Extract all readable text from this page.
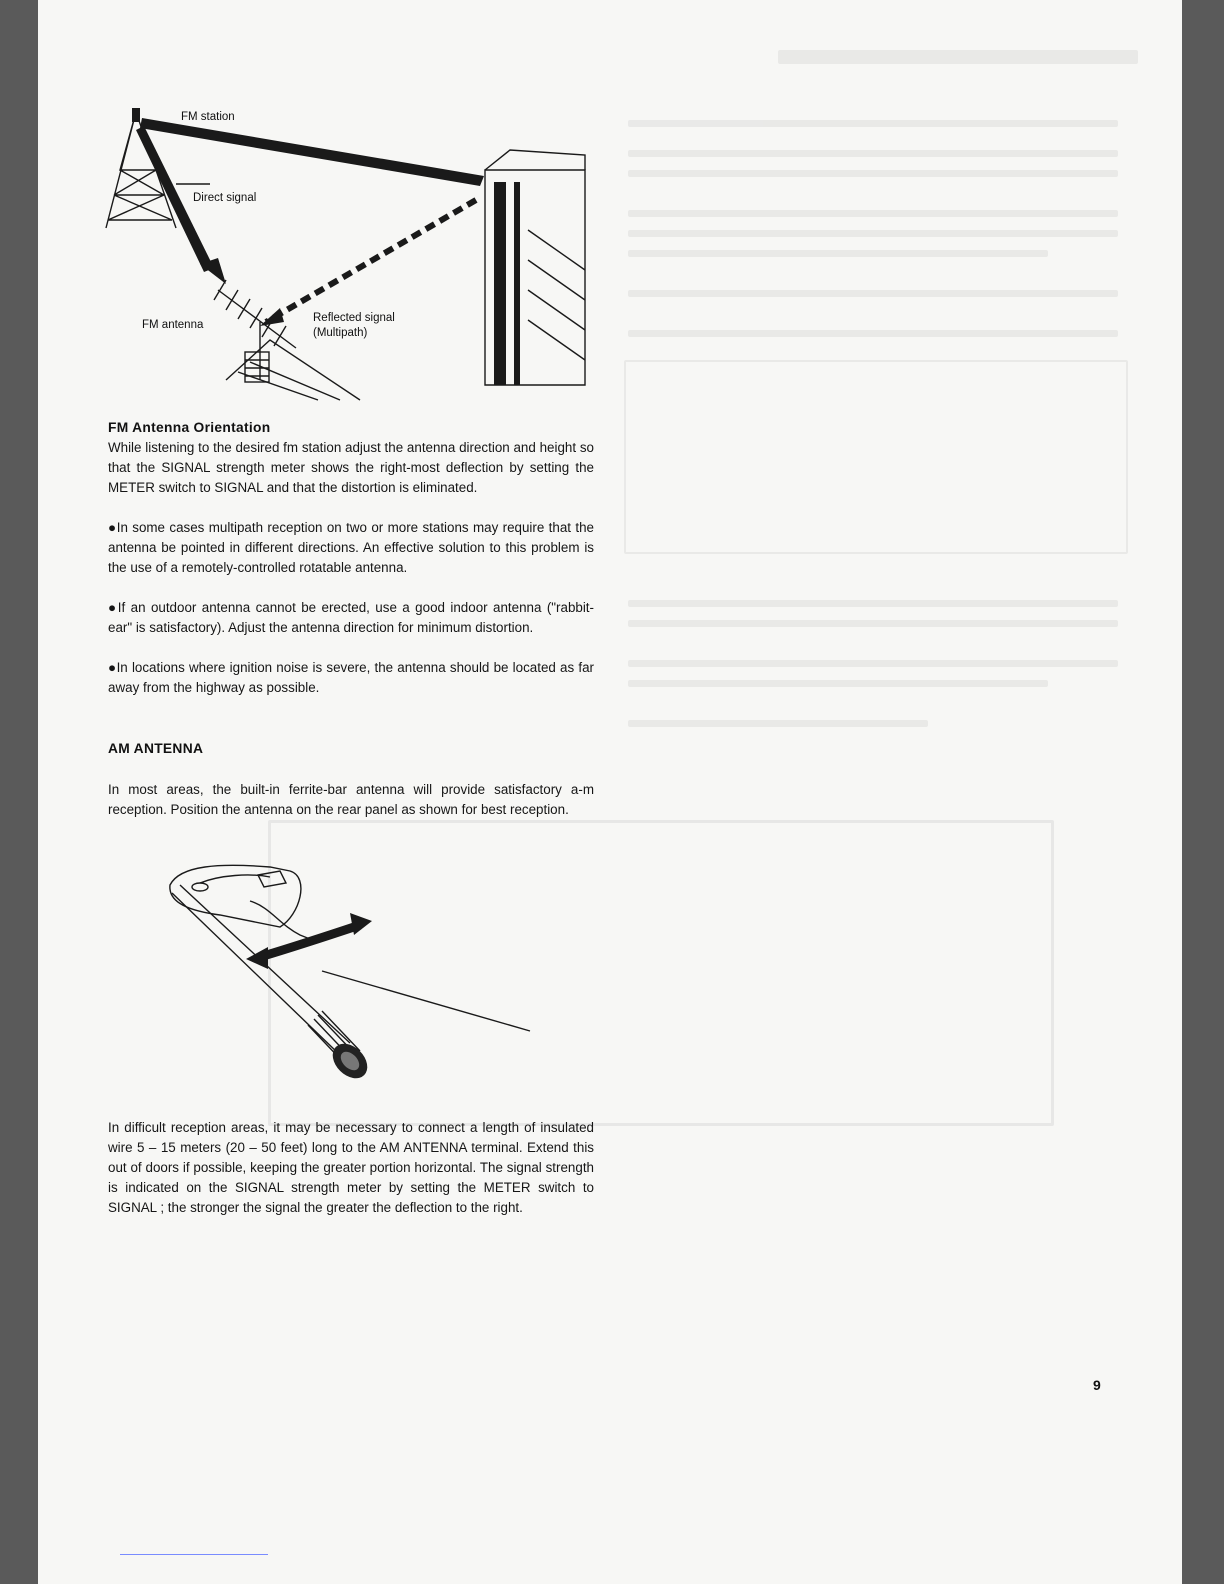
FM station
Direct signal
FM antenna
Reflected signal
(Multipath)
FM Antenna Orientation
While listening to the desired fm station adjust the antenna direction and height so that the SIGNAL strength meter shows the right-most deflection by setting the METER switch to SIGNAL and that the distortion is eliminated.
●In some cases multipath reception on two or more stations may require that the antenna be pointed in different directions. An effective solution to this problem is the use of a remotely-controlled rotatable antenna.
●If an outdoor antenna cannot be erected, use a good indoor antenna ("rabbit-ear" is satisfactory). Adjust the antenna direction for minimum distortion.
●In locations where ignition noise is severe, the antenna should be located as far away from the highway as possible.
AM ANTENNA
In most areas, the built-in ferrite-bar antenna will provide satisfactory a-m reception. Position the antenna on the rear panel as shown for best reception.
In difficult reception areas, it may be necessary to connect a length of insulated wire 5 – 15 meters (20 – 50 feet) long to the AM ANTENNA terminal. Extend this out of doors if possible, keeping the greater portion horizontal. The signal strength is indicated on the SIGNAL strength meter by setting the METER switch to SIGNAL ; the stronger the signal the greater the deflection to the right.
9
